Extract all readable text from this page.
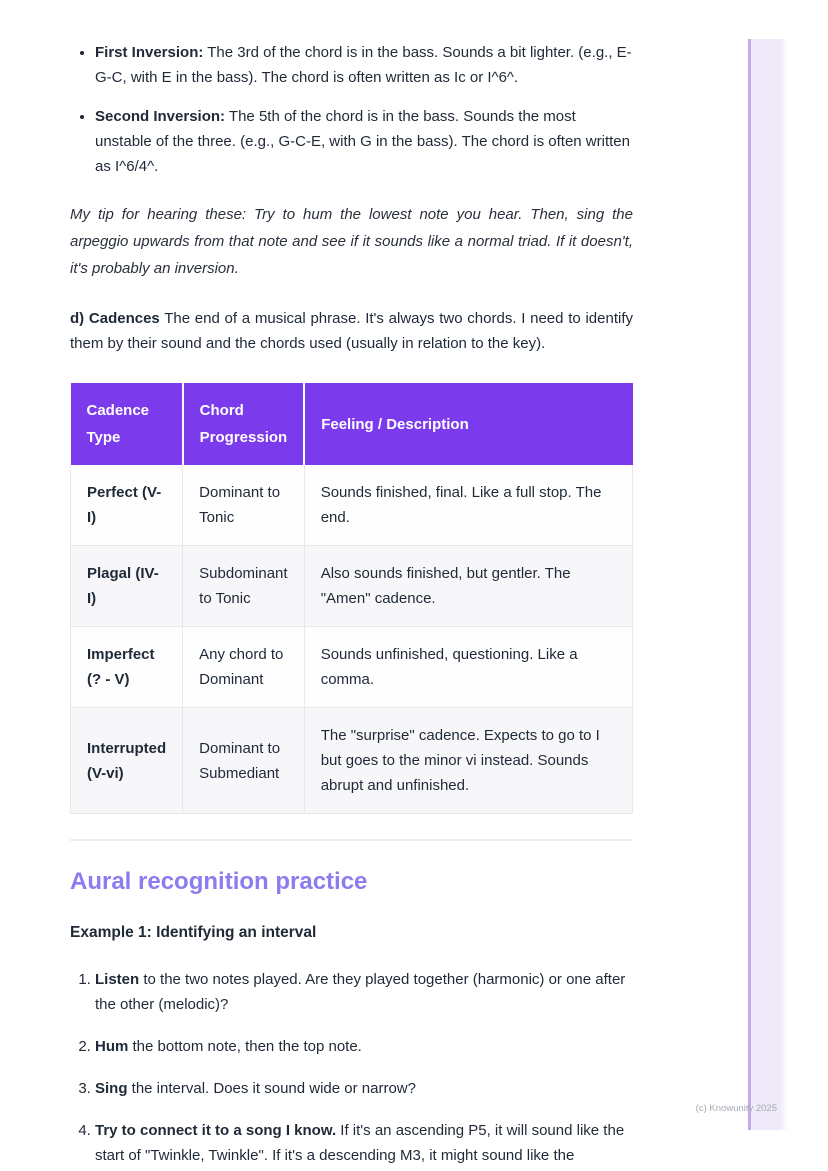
• First Inversion: The 3rd of the chord is in the bass. Sounds a bit lighter. (e.g., E-G-C, with E in the bass). The chord is often written as Ic or I^6^.
• Second Inversion: The 5th of the chord is in the bass. Sounds the most unstable of the three. (e.g., G-C-E, with G in the bass). The chord is often written as I^6/4^.

My tip for hearing these: Try to hum the lowest note you hear. Then, sing the arpeggio upwards from that note and see if it sounds like a normal triad. If it doesn't, it's probably an inversion.

d) Cadences The end of a musical phrase. It's always two chords. I need to identify them by their sound and the chords used (usually in relation to the key).

Cadence Type	Chord Progression	Feeling / Description
Perfect (V-I)	Dominant to Tonic	Sounds finished, final. Like a full stop. The end.
Plagal (IV-I)	Subdominant to Tonic	Also sounds finished, but gentler. The "Amen" cadence.
Imperfect (? - V)	Any chord to Dominant	Sounds unfinished, questioning. Like a comma.
Interrupted (V-vi)	Dominant to Submediant	The "surprise" cadence. Expects to go to I but goes to the minor vi instead. Sounds abrupt and unfinished.
Aural recognition practice
Example 1: Identifying an interval
1. Listen to the two notes played. Are they played together (harmonic) or one after the other (melodic)?
2. Hum the bottom note, then the top note.
3. Sing the interval. Does it sound wide or narrow?
4. Try to connect it to a song I know. If it's an ascending P5, it will sound like the start of "Twinkle, Twinkle". If it's a descending M3, it might sound like the
(c) Knowunity 2025
